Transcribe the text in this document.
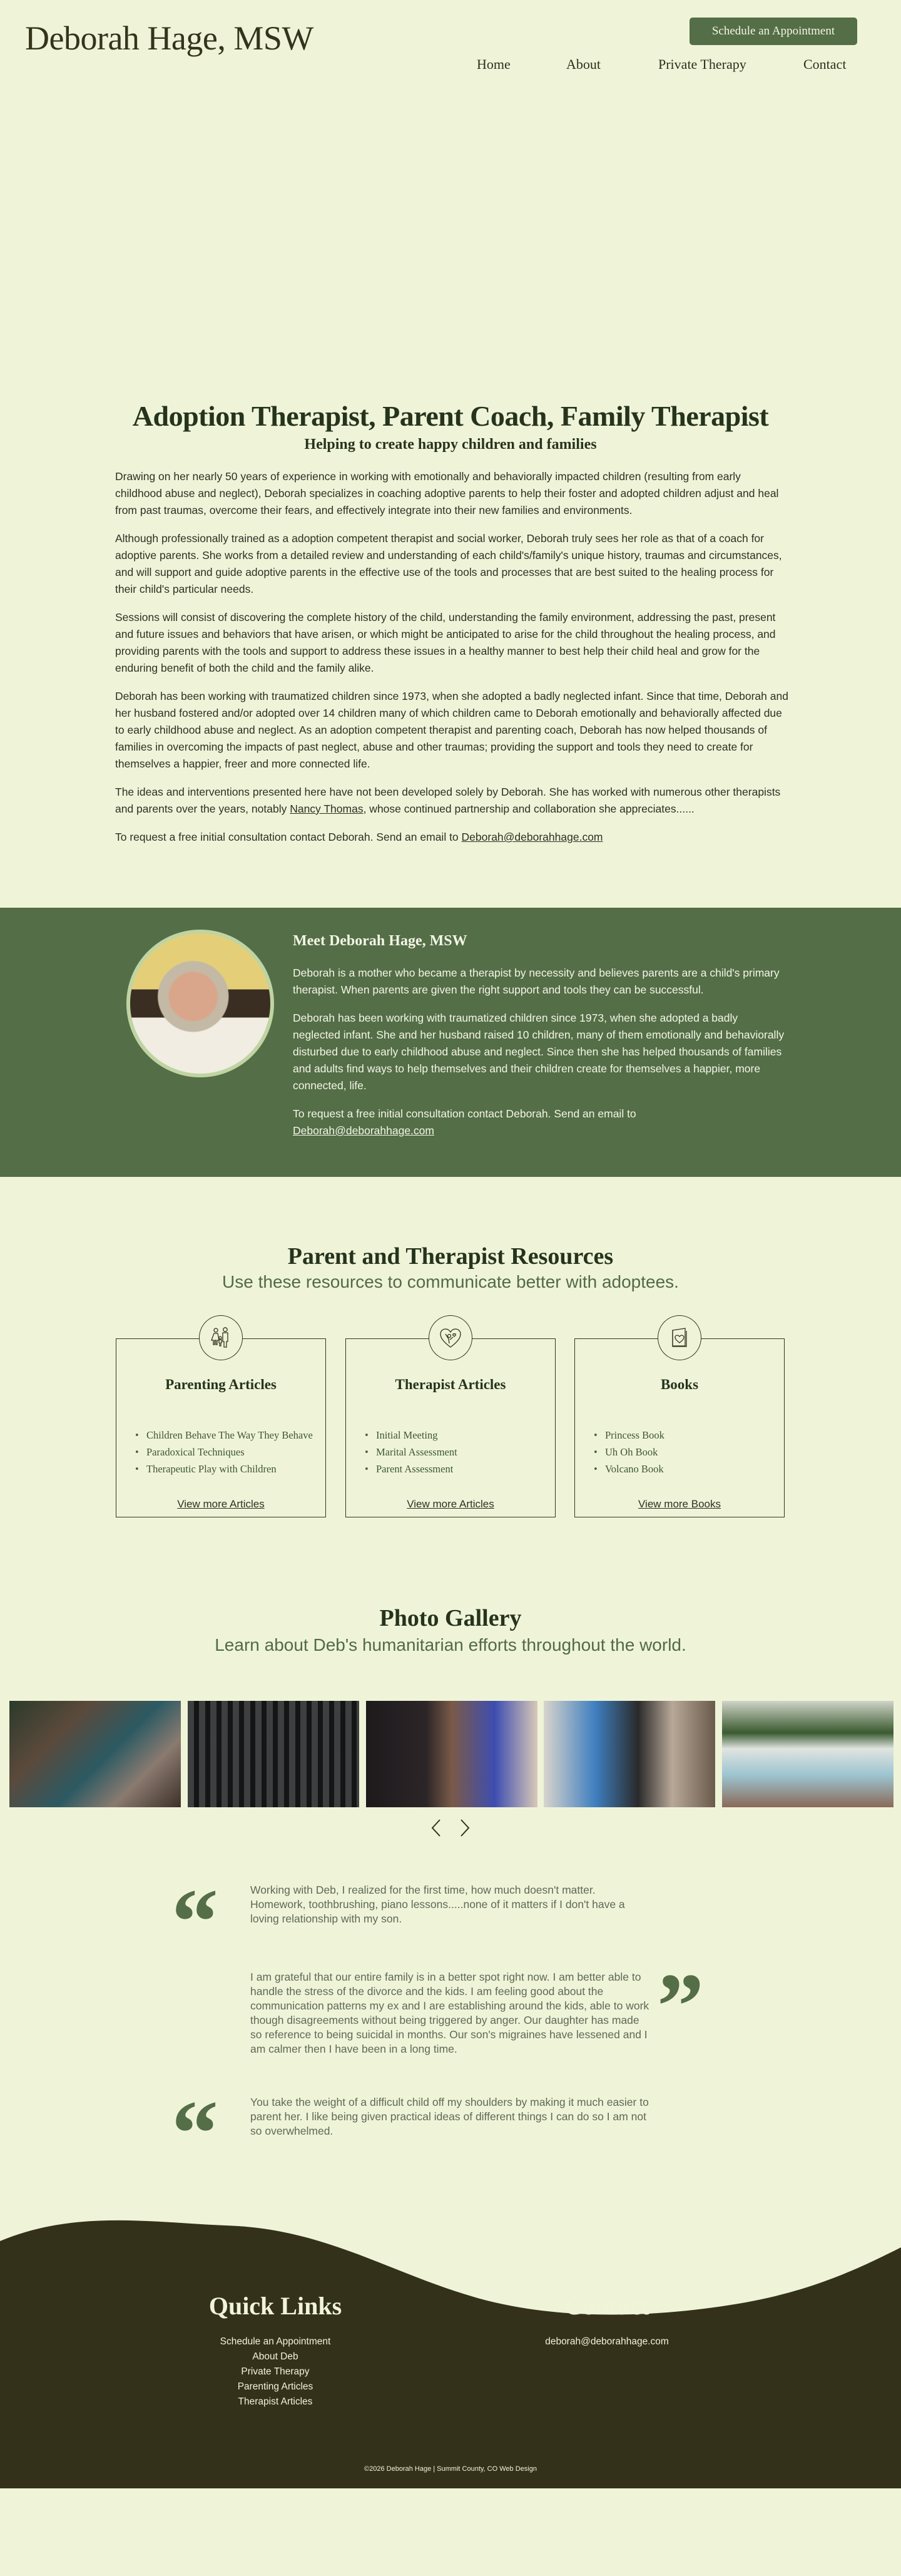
Deborah Hage, MSW	Schedule an Appointment
Home	About	Private Therapy	Contact
Adoption Therapist, Parent Coach, Family Therapist
Helping to create happy children and families

Drawing on her nearly 50 years of experience in working with emotionally and behaviorally impacted children (resulting from early childhood abuse and neglect), Deborah specializes in coaching adoptive parents to help their foster and adopted children adjust and heal from past traumas, overcome their fears, and effectively integrate into their new families and environments.

Although professionally trained as a adoption competent therapist and social worker, Deborah truly sees her role as that of a coach for adoptive parents. She works from a detailed review and understanding of each child's/family's unique history, traumas and circumstances, and will support and guide adoptive parents in the effective use of the tools and processes that are best suited to the healing process for their child's particular needs.

Sessions will consist of discovering the complete history of the child, understanding the family environment, addressing the past, present and future issues and behaviors that have arisen, or which might be anticipated to arise for the child throughout the healing process, and providing parents with the tools and support to address these issues in a healthy manner to best help their child heal and grow for the enduring benefit of both the child and the family alike.

Deborah has been working with traumatized children since 1973, when she adopted a badly neglected infant. Since that time, Deborah and her husband fostered and/or adopted over 14 children many of which children came to Deborah emotionally and behaviorally affected due to early childhood abuse and neglect. As an adoption competent therapist and parenting coach, Deborah has now helped thousands of families in overcoming the impacts of past neglect, abuse and other traumas; providing the support and tools they need to create for themselves a happier, freer and more connected life.

The ideas and interventions presented here have not been developed solely by Deborah. She has worked with numerous other therapists and parents over the years, notably Nancy Thomas, whose continued partnership and collaboration she appreciates......

To request a free initial consultation contact Deborah. Send an email to Deborah@deborahhage.com

Meet Deborah Hage, MSW

Deborah is a mother who became a therapist by necessity and believes parents are a child's primary therapist. When parents are given the right support and tools they can be successful.

Deborah has been working with traumatized children since 1973, when she adopted a badly neglected infant. She and her husband raised 10 children, many of them emotionally and behaviorally disturbed due to early childhood abuse and neglect. Since then she has helped thousands of families and adults find ways to help themselves and their children create for themselves a happier, more connected, life.

To request a free initial consultation contact Deborah. Send an email to
Deborah@deborahhage.com

Parent and Therapist Resources
Use these resources to communicate better with adoptees.
Parenting Articles
• Children Behave The Way They Behave
• Paradoxical Techniques
• Therapeutic Play with Children
View more Articles
Therapist Articles
• Initial Meeting
• Marital Assessment
• Parent Assessment
View more Articles
Books
• Princess Book
• Uh Oh Book
• Volcano Book
View more Books
Photo Gallery
Learn about Deb's humanitarian efforts throughout the world.
“	Working with Deb, I realized for the first time, how much doesn't matter. Homework, toothbrushing, piano lessons.....none of it matters if I don't have a loving relationship with my son.
I am grateful that our entire family is in a better spot right now. I am better able to handle the stress of the divorce and the kids. I am feeling good about the communication patterns my ex and I are establishing around the kids, able to work though disagreements without being triggered by anger. Our daughter has made so reference to being suicidal in months. Our son's migraines have lessened and I am calmer then I have been in a long time.	”
“	You take the weight of a difficult child off my shoulders by making it much easier to parent her. I like being given practical ideas of different things I can do so I am not so overwhelmed.
Quick Links
Schedule an Appointment
About Deb
Private Therapy
Parenting Articles
Therapist Articles
Contact
deborah@deborahhage.com
©2026 Deborah Hage | Summit County, CO Web Design
